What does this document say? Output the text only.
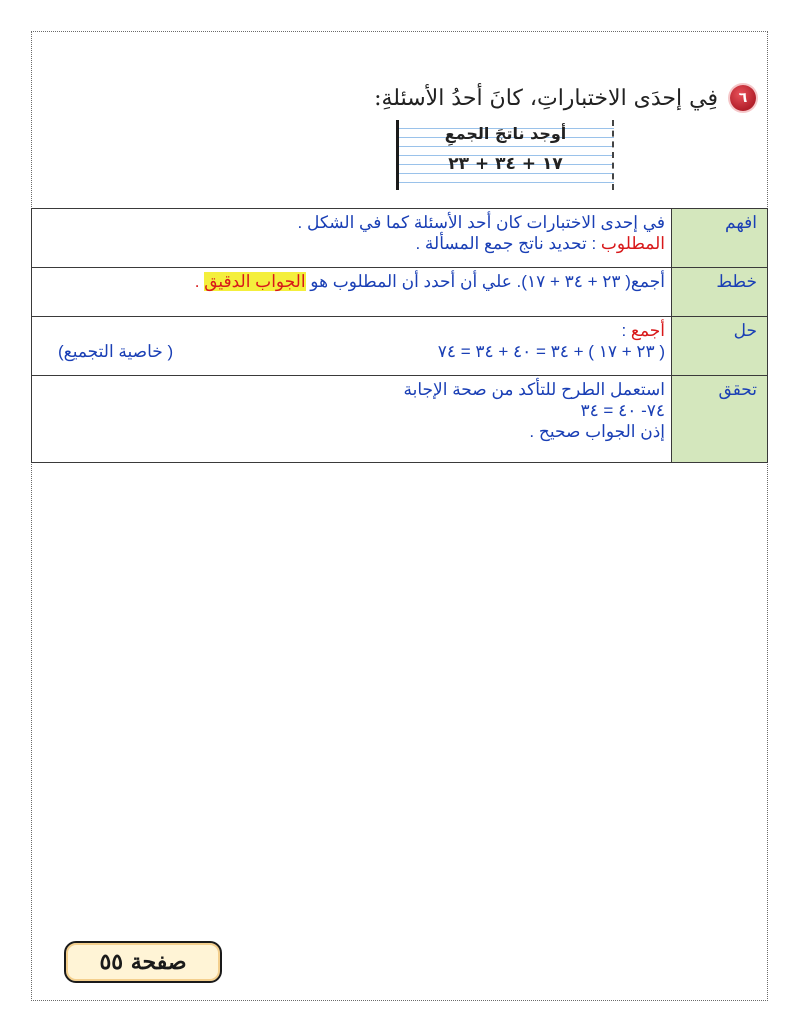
٦
فِي إحدَى الاختباراتِ، كانَ أحدُ الأسئلةِ:
أوجد ناتجَ الجمعِ
١٧ + ٣٤ + ٢٣
افهم	في إحدى الاختبارات كان أحد الأسئلة كما في الشكل .
المطلوب : تحديد ناتج جمع المسألة .

خطط	أجمع( ٢٣ + ٣٤ + ١٧). علي أن أحدد أن المطلوب هو الجواب الدقيق .
حل	أجمع :
( ٢٣ + ١٧ ) + ٣٤ = ٤٠ + ٣٤ = ٧٤
( خاصية التجميع)

تحقق	استعمل الطرح للتأكد من صحة الإجابة
٧٤- ٤٠ = ٣٤
إذن الجواب صحيح .
صفحة ٥٥
